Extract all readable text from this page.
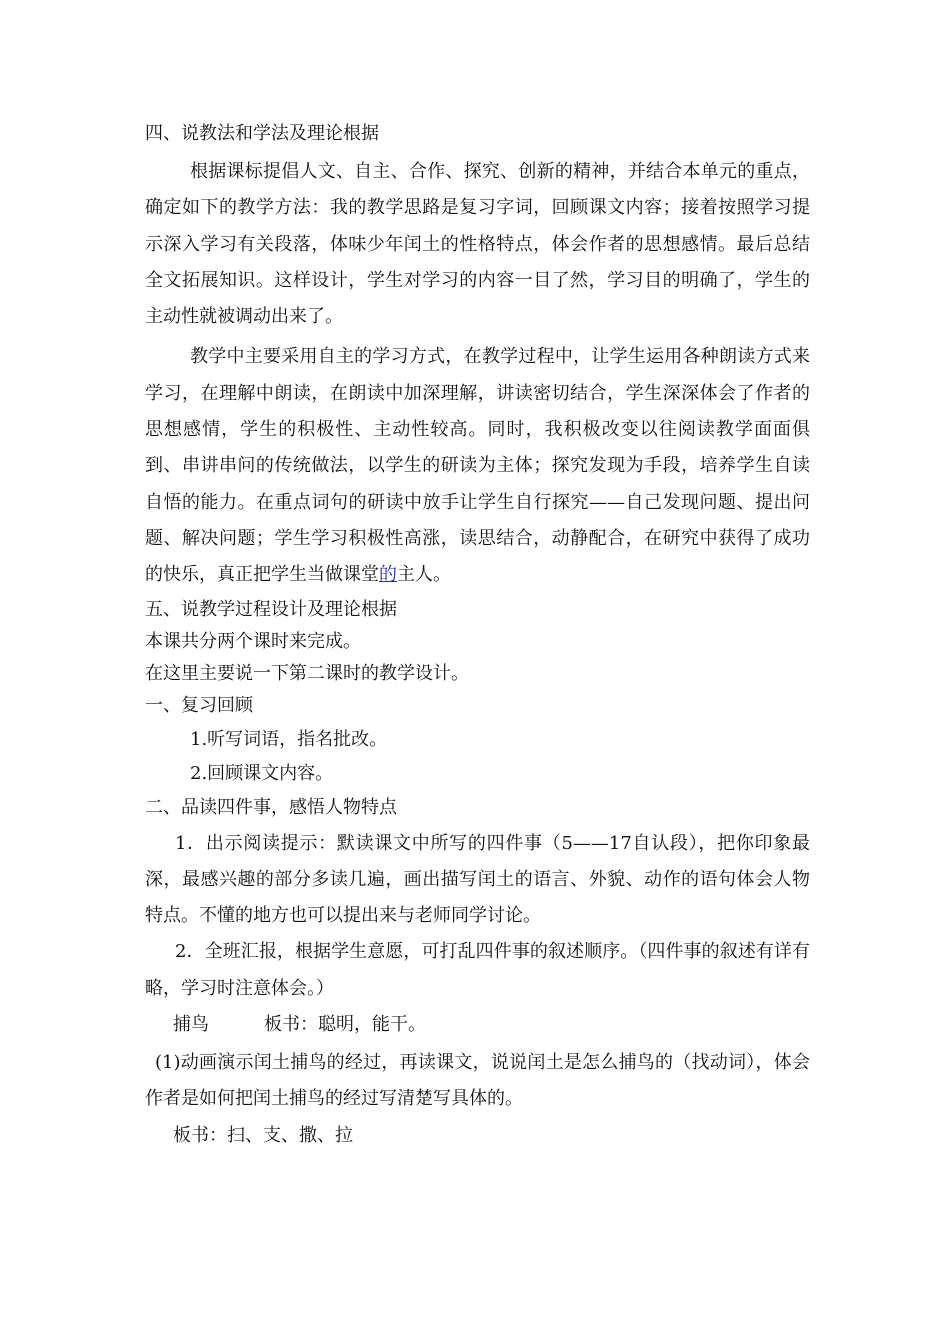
四、说教法和学法及理论根据
根据课标提倡人文、自主、合作、探究、创新的精神，并结合本单元的重点，确定如下的教学方法：我的教学思路是复习字词，回顾课文内容；接着按照学习提示深入学习有关段落，体味少年闰土的性格特点，体会作者的思想感情。最后总结全文拓展知识。这样设计，学生对学习的内容一目了然，学习目的明确了，学生的主动性就被调动出来了。
教学中主要采用自主的学习方式，在教学过程中，让学生运用各种朗读方式来学习，在理解中朗读，在朗读中加深理解，讲读密切结合，学生深深体会了作者的思想感情，学生的积极性、主动性较高。同时，我积极改变以往阅读教学面面俱到、串讲串问的传统做法，以学生的研读为主体；探究发现为手段，培养学生自读自悟的能力。在重点词句的研读中放手让学生自行探究——自己发现问题、提出问题、解决问题；学生学习积极性高涨，读思结合，动静配合，在研究中获得了成功的快乐，真正把学生当做课堂的主人。
五、说教学过程设计及理论根据
本课共分两个课时来完成。
在这里主要说一下第二课时的教学设计。
一、复习回顾
1.听写词语，指名批改。
2.回顾课文内容。
二、品读四件事，感悟人物特点
1．出示阅读提示：默读课文中所写的四件事（5——17自认段），把你印象最深，最感兴趣的部分多读几遍，画出描写闰土的语言、外貌、动作的语句体会人物特点。不懂的地方也可以提出来与老师同学讨论。
2．全班汇报，根据学生意愿，可打乱四件事的叙述顺序。（四件事的叙述有详有略，学习时注意体会。）
捕鸟	板书：聪明，能干。
(1)动画演示闰土捕鸟的经过，再读课文，说说闰土是怎么捕鸟的（找动词），体会作者是如何把闰土捕鸟的经过写清楚写具体的。
板书：扫、支、撒、拉
